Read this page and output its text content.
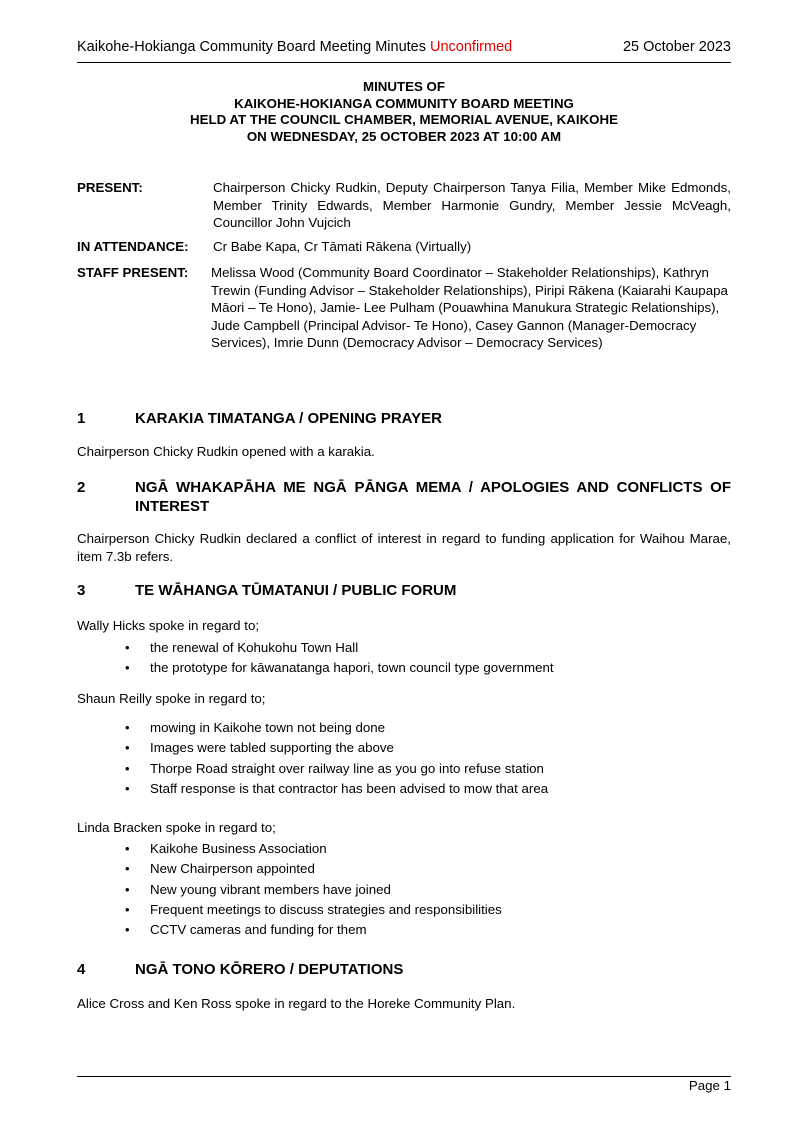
Kaikohe-Hokianga Community Board Meeting Minutes Unconfirmed	25 October 2023
MINUTES OF
KAIKOHE-HOKIANGA COMMUNITY BOARD MEETING
HELD AT THE COUNCIL CHAMBER, MEMORIAL AVENUE, KAIKOHE
ON WEDNESDAY, 25 OCTOBER 2023 AT 10:00 AM
PRESENT:	Chairperson Chicky Rudkin, Deputy Chairperson Tanya Filia, Member Mike Edmonds, Member Trinity Edwards, Member Harmonie Gundry, Member Jessie McVeagh, Councillor John Vujcich
IN ATTENDANCE: Cr Babe Kapa, Cr Tāmati Rākena (Virtually)
STAFF PRESENT: Melissa Wood (Community Board Coordinator – Stakeholder Relationships), Kathryn Trewin (Funding Advisor – Stakeholder Relationships), Piripi Rākena (Kaiarahi Kaupapa Māori – Te Hono), Jamie- Lee Pulham (Pouawhina Manukura Strategic Relationships), Jude Campbell (Principal Advisor- Te Hono), Casey Gannon (Manager-Democracy Services), Imrie Dunn (Democracy Advisor – Democracy Services)
1	KARAKIA TIMATANGA / OPENING PRAYER
Chairperson Chicky Rudkin opened with a karakia.
2	NGĀ WHAKAPĀHA ME NGĀ PĀNGA MEMA / APOLOGIES AND CONFLICTS OF INTEREST
Chairperson Chicky Rudkin declared a conflict of interest in regard to funding application for Waihou Marae, item 7.3b refers.
3	TE WĀHANGA TŪMATANUI / PUBLIC FORUM
Wally Hicks spoke in regard to;
• the renewal of Kohukohu Town Hall
• the prototype for kāwanatanga hapori, town council type government
Shaun Reilly spoke in regard to;
• mowing in Kaikohe town not being done
• Images were tabled supporting the above
• Thorpe Road straight over railway line as you go into refuse station
• Staff response is that contractor has been advised to mow that area
Linda Bracken spoke in regard to;
• Kaikohe Business Association
• New Chairperson appointed
• New young vibrant members have joined
• Frequent meetings to discuss strategies and responsibilities
• CCTV cameras and funding for them
4	NGĀ TONO KŌRERO / DEPUTATIONS
Alice Cross and Ken Ross spoke in regard to the Horeke Community Plan.
Page 1
